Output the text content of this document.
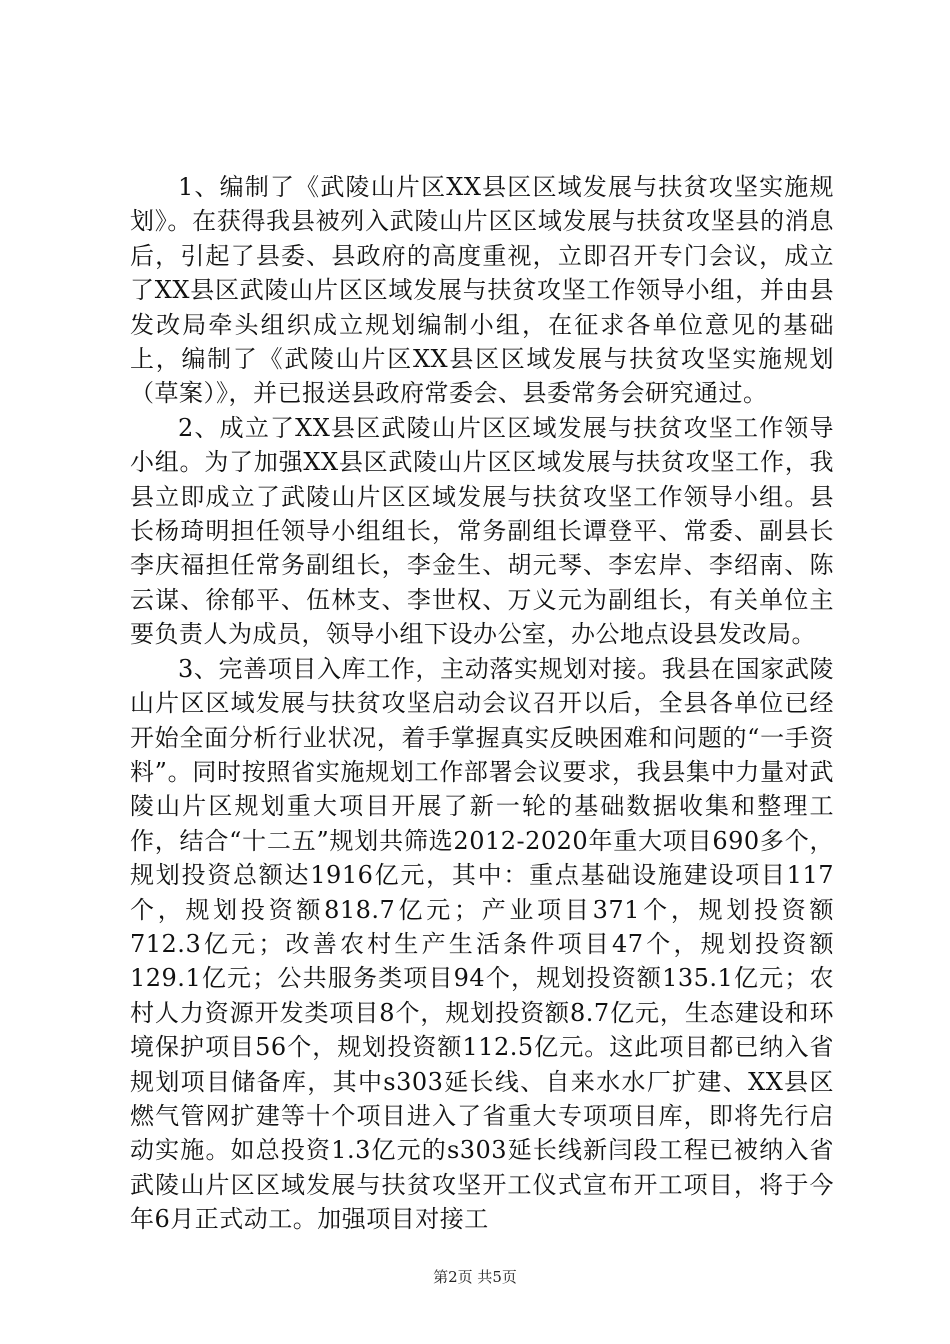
1、编制了《武陵山片区XX县区区域发展与扶贫攻坚实施规划》。在获得我县被列入武陵山片区区域发展与扶贫攻坚县的消息后，引起了县委、县政府的高度重视，立即召开专门会议，成立了XX县区武陵山片区区域发展与扶贫攻坚工作领导小组，并由县发改局牵头组织成立规划编制小组，在征求各单位意见的基础上，编制了《武陵山片区XX县区区域发展与扶贫攻坚实施规划（草案）》，并已报送县政府常委会、县委常务会研究通过。

2、成立了XX县区武陵山片区区域发展与扶贫攻坚工作领导小组。为了加强XX县区武陵山片区区域发展与扶贫攻坚工作，我县立即成立了武陵山片区区域发展与扶贫攻坚工作领导小组。县长杨琦明担任领导小组组长，常务副组长谭登平、常委、副县长李庆福担任常务副组长，李金生、胡元琴、李宏岸、李绍南、陈云谋、徐郁平、伍林支、李世权、万义元为副组长，有关单位主要负责人为成员，领导小组下设办公室，办公地点设县发改局。

3、完善项目入库工作，主动落实规划对接。我县在国家武陵山片区区域发展与扶贫攻坚启动会议召开以后，全县各单位已经开始全面分析行业状况，着手掌握真实反映困难和问题的“一手资料”。同时按照省实施规划工作部署会议要求，我县集中力量对武陵山片区规划重大项目开展了新一轮的基础数据收集和整理工作，结合“十二五”规划共筛选2012-2020年重大项目690多个，规划投资总额达1916亿元，其中：重点基础设施建设项目117个，规划投资额818.7亿元；产业项目371个，规划投资额712.3亿元；改善农村生产生活条件项目47个，规划投资额129.1亿元；公共服务类项目94个，规划投资额135.1亿元；农村人力资源开发类项目8个，规划投资额8.7亿元，生态建设和环境保护项目56个，规划投资额112.5亿元。这此项目都已纳入省规划项目储备库，其中s303延长线、自来水水厂扩建、XX县区燃气管网扩建等十个项目进入了省重大专项项目库，即将先行启动实施。如总投资1.3亿元的s303延长线新闫段工程已被纳入省武陵山片区区域发展与扶贫攻坚开工仪式宣布开工项目，将于今年6月正式动工。加强项目对接工

第2页 共5页
